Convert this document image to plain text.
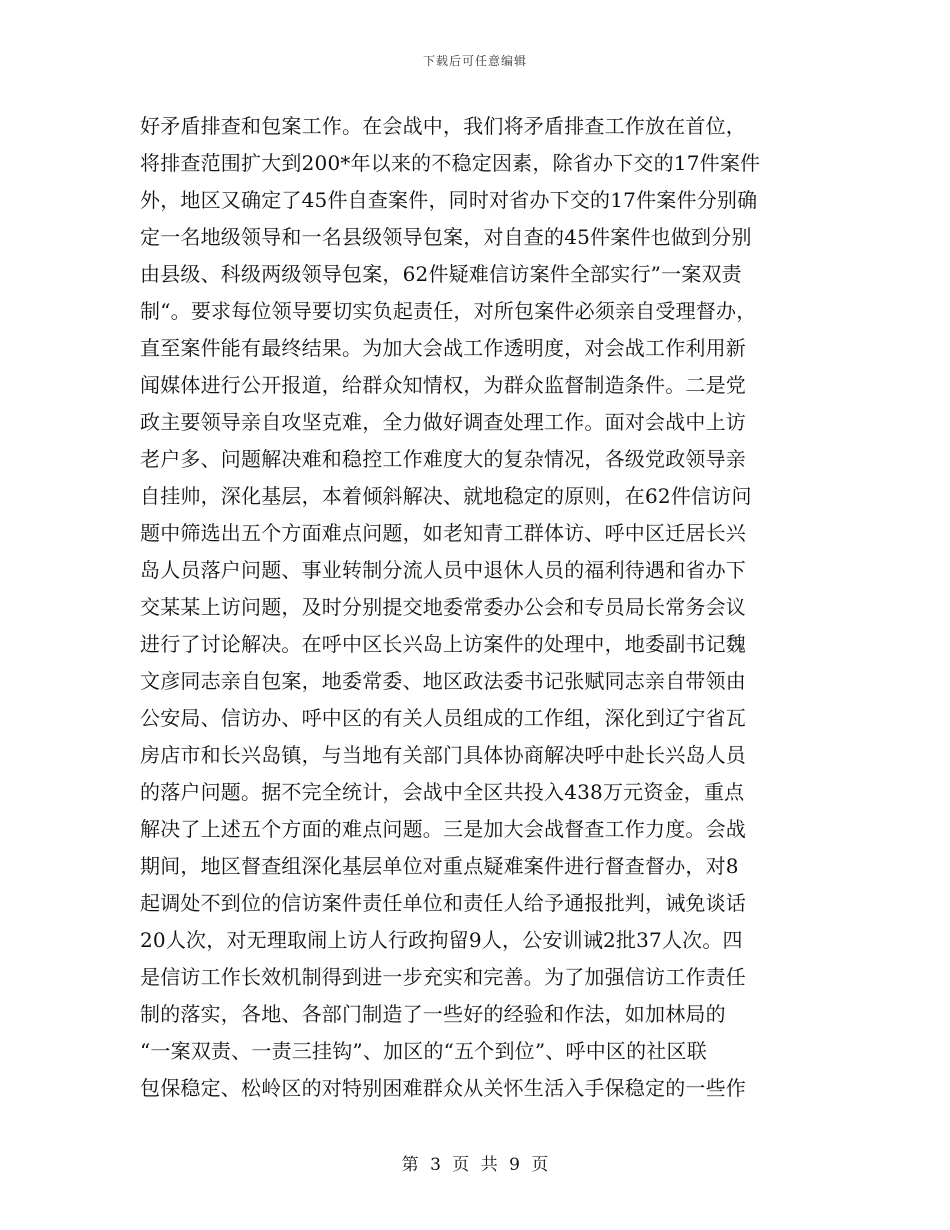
下载后可任意编辑
好矛盾排查和包案工作。在会战中，我们将矛盾排查工作放在首位，
将排查范围扩大到200*年以来的不稳定因素，除省办下交的17件案件
外，地区又确定了45件自查案件，同时对省办下交的17件案件分别确
定一名地级领导和一名县级领导包案，对自查的45件案件也做到分别
由县级、科级两级领导包案，62件疑难信访案件全部实行”一案双责
制“。要求每位领导要切实负起责任，对所包案件必须亲自受理督办，
直至案件能有最终结果。为加大会战工作透明度，对会战工作利用新
闻媒体进行公开报道，给群众知情权，为群众监督制造条件。二是党
政主要领导亲自攻坚克难，全力做好调查处理工作。面对会战中上访
老户多、问题解决难和稳控工作难度大的复杂情况，各级党政领导亲
自挂帅，深化基层，本着倾斜解决、就地稳定的原则，在62件信访问
题中筛选出五个方面难点问题，如老知青工群体访、呼中区迁居长兴
岛人员落户问题、事业转制分流人员中退休人员的福利待遇和省办下
交某某上访问题，及时分别提交地委常委办公会和专员局长常务会议
进行了讨论解决。在呼中区长兴岛上访案件的处理中，地委副书记魏
文彦同志亲自包案，地委常委、地区政法委书记张赋同志亲自带领由
公安局、信访办、呼中区的有关人员组成的工作组，深化到辽宁省瓦
房店市和长兴岛镇，与当地有关部门具体协商解决呼中赴长兴岛人员
的落户问题。据不完全统计，会战中全区共投入438万元资金，重点
解决了上述五个方面的难点问题。三是加大会战督查工作力度。会战
期间，地区督查组深化基层单位对重点疑难案件进行督查督办，对8
起调处不到位的信访案件责任单位和责任人给予通报批判，诫免谈话
20人次，对无理取闹上访人行政拘留9人，公安训诫2批37人次。四
是信访工作长效机制得到进一步充实和完善。为了加强信访工作责任
制的落实，各地、各部门制造了一些好的经验和作法，如加林局的
“一案双责、一责三挂钩”、加区的“五个到位”、呼中区的社区联
包保稳定、松岭区的对特别困难群众从关怀生活入手保稳定的一些作
第 3 页 共 9 页
